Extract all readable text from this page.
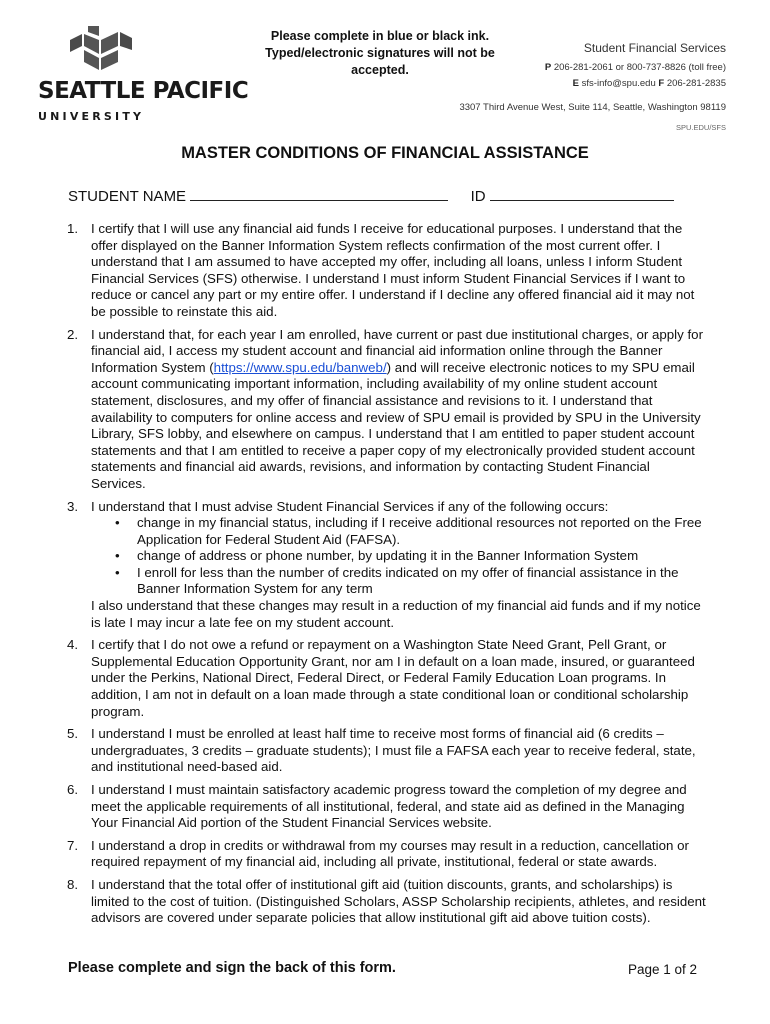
SEATTLE PACIFIC
UNIVERSITY
Please complete in blue or black ink.
Typed/electronic signatures will not be
accepted.
Student Financial Services
P 206-281-2061 or 800-737-8826 (toll free)
E sfs-info@spu.edu F 206-281-2835
3307 Third Avenue West, Suite 114, Seattle, Washington 98119
SPU.EDU/SFS
MASTER CONDITIONS OF FINANCIAL ASSISTANCE
STUDENT NAME	ID
1. I certify that I will use any financial aid funds I receive for educational purposes. I understand that the offer displayed on the Banner Information System reflects confirmation of the most current offer. I understand that I am assumed to have accepted my offer, including all loans, unless I inform Student Financial Services (SFS) otherwise. I understand I must inform Student Financial Services if I want to reduce or cancel any part or my entire offer. I understand if I decline any offered financial aid it may not be possible to reinstate this aid.
2. I understand that, for each year I am enrolled, have current or past due institutional charges, or apply for financial aid, I access my student account and financial aid information online through the Banner Information System (https://www.spu.edu/banweb/) and will receive electronic notices to my SPU email account communicating important information, including availability of my online student account statement, disclosures, and my offer of financial assistance and revisions to it. I understand that availability to computers for online access and review of SPU email is provided by SPU in the University Library, SFS lobby, and elsewhere on campus. I understand that I am entitled to paper student account statements and that I am entitled to receive a paper copy of my electronically provided student account statements and financial aid awards, revisions, and information by contacting Student Financial Services.
3. I understand that I must advise Student Financial Services if any of the following occurs:
• change in my financial status, including if I receive additional resources not reported on the Free Application for Federal Student Aid (FAFSA).
• change of address or phone number, by updating it in the Banner Information System
• I enroll for less than the number of credits indicated on my offer of financial assistance in the Banner Information System for any term
I also understand that these changes may result in a reduction of my financial aid funds and if my notice is late I may incur a late fee on my student account.
4. I certify that I do not owe a refund or repayment on a Washington State Need Grant, Pell Grant, or Supplemental Education Opportunity Grant, nor am I in default on a loan made, insured, or guaranteed under the Perkins, National Direct, Federal Direct, or Federal Family Education Loan programs. In addition, I am not in default on a loan made through a state conditional loan or conditional scholarship program.
5. I understand I must be enrolled at least half time to receive most forms of financial aid (6 credits – undergraduates, 3 credits – graduate students); I must file a FAFSA each year to receive federal, state, and institutional need-based aid.
6. I understand I must maintain satisfactory academic progress toward the completion of my degree and meet the applicable requirements of all institutional, federal, and state aid as defined in the Managing Your Financial Aid portion of the Student Financial Services website.
7. I understand a drop in credits or withdrawal from my courses may result in a reduction, cancellation or required repayment of my financial aid, including all private, institutional, federal or state awards.
8. I understand that the total offer of institutional gift aid (tuition discounts, grants, and scholarships) is limited to the cost of tuition. (Distinguished Scholars, ASSP Scholarship recipients, athletes, and resident advisors are covered under separate policies that allow institutional gift aid above tuition costs).
Please complete and sign the back of this form.	Page 1 of 2
